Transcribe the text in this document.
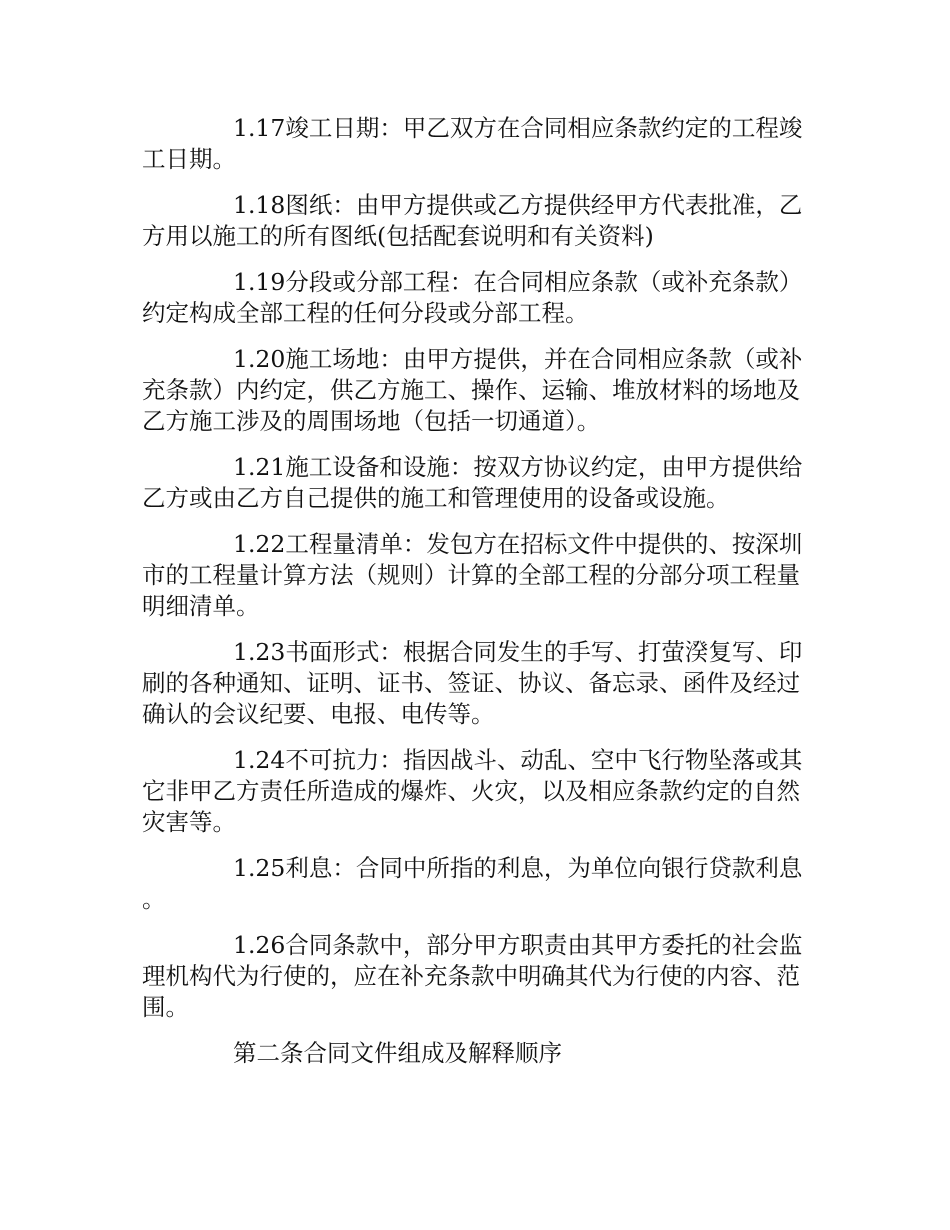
1.17竣工日期：甲乙双方在合同相应条款约定的工程竣工日期。

1.18图纸：由甲方提供或乙方提供经甲方代表批准，乙方用以施工的所有图纸(包括配套说明和有关资料)

1.19分段或分部工程：在合同相应条款（或补充条款）约定构成全部工程的任何分段或分部工程。

1.20施工场地：由甲方提供，并在合同相应条款（或补充条款）内约定，供乙方施工、操作、运输、堆放材料的场地及乙方施工涉及的周围场地（包括一切通道）。

1.21施工设备和设施：按双方协议约定，由甲方提供给乙方或由乙方自己提供的施工和管理使用的设备或设施。

1.22工程量清单：发包方在招标文件中提供的、按深圳市的工程量计算方法（规则）计算的全部工程的分部分项工程量明细清单。

1.23书面形式：根据合同发生的手写、打萤湀复写、印刷的各种通知、证明、证书、签证、协议、备忘录、函件及经过确认的会议纪要、电报、电传等。

1.24不可抗力：指因战斗、动乱、空中飞行物坠落或其它非甲乙方责任所造成的爆炸、火灾，以及相应条款约定的自然灾害等。

1.25利息：合同中所指的利息，为单位向银行贷款利息。

1.26合同条款中，部分甲方职责由其甲方委托的社会监理机构代为行使的，应在补充条款中明确其代为行使的内容、范围。

第二条合同文件组成及解释顺序
